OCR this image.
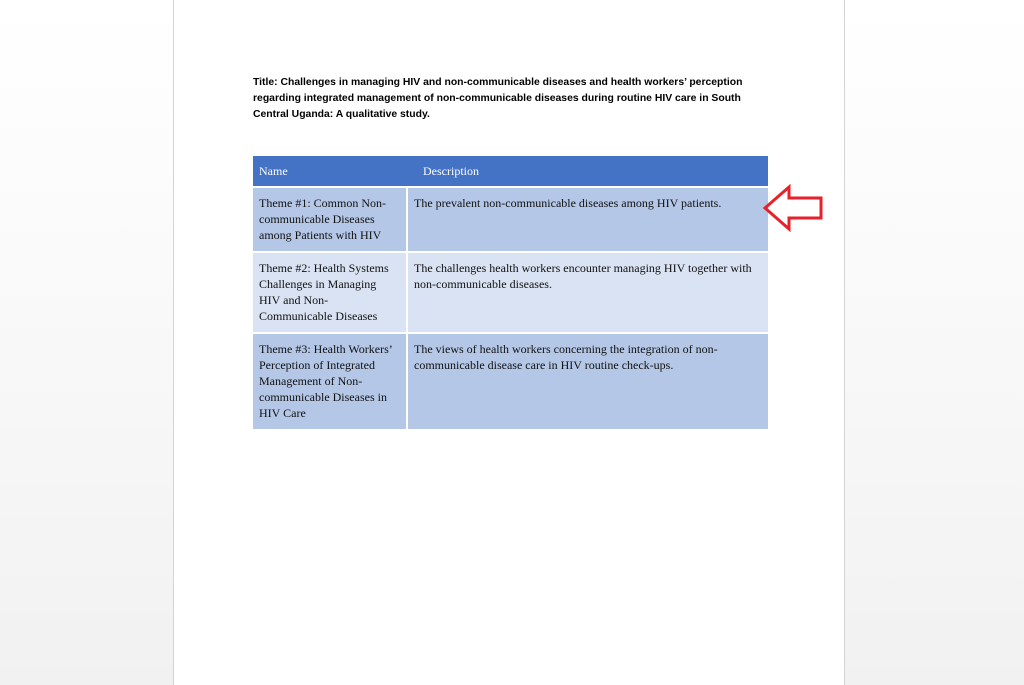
Title: Challenges in managing HIV and non-communicable diseases and health workers’ perception regarding integrated management of non-communicable diseases during routine HIV care in South Central Uganda: A qualitative study.

Name	Description
Theme #1: Common Non-communicable Diseases among Patients with HIV	The prevalent non-communicable diseases among HIV patients.
Theme #2: Health Systems Challenges in Managing HIV and Non-Communicable Diseases	The challenges health workers encounter managing HIV together with non-communicable diseases.
Theme #3: Health Workers’ Perception of Integrated Management of Non-communicable Diseases in HIV Care	The views of health workers concerning the integration of non-communicable disease care in HIV routine check-ups.
